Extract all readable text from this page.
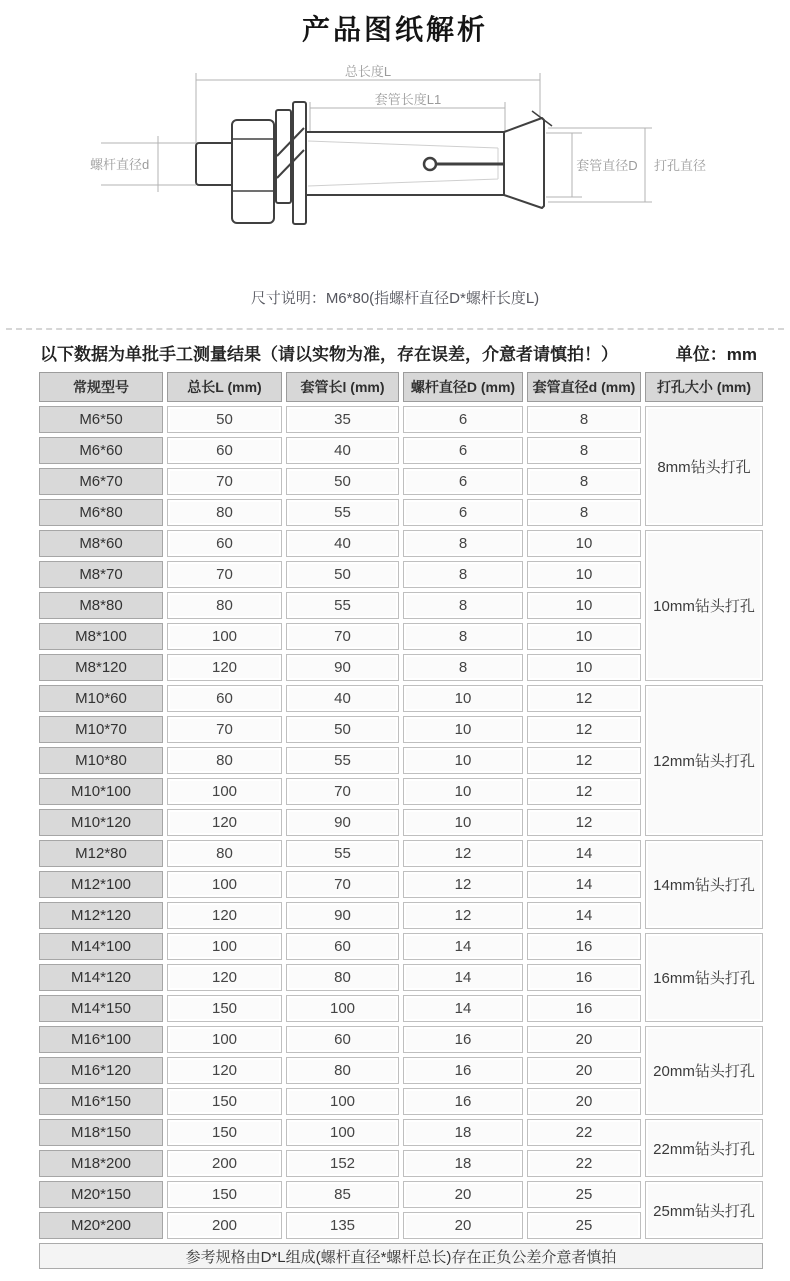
产品图纸解析
总长度L
套管长度L1
螺杆直径d	套管直径D 打孔直径
尺寸说明：M6*80(指螺杆直径D*螺杆长度L)
以下数据为单批手工测量结果（请以实物为准，存在误差，介意者请慎拍！）	单位：mm
常规型号	总长L (mm)	套管长l (mm)	螺杆直径D (mm)	套管直径d (mm)	打孔大小 (mm)
M6*50	50	35	6	8	8mm钻头打孔
M6*60	60	40	6	8	
M6*70	70	50	6	8	
M6*80	80	55	6	8	
M8*60	60	40	8	10	10mm钻头打孔
M8*70	70	50	8	10	
M8*80	80	55	8	10	
M8*100	100	70	8	10	
M8*120	120	90	8	10	
M10*60	60	40	10	12	12mm钻头打孔
M10*70	70	50	10	12	
M10*80	80	55	10	12	
M10*100	100	70	10	12	
M10*120	120	90	10	12	
M12*80	80	55	12	14	14mm钻头打孔
M12*100	100	70	12	14	
M12*120	120	90	12	14	
M14*100	100	60	14	16	16mm钻头打孔
M14*120	120	80	14	16	
M14*150	150	100	14	16	
M16*100	100	60	16	20	20mm钻头打孔
M16*120	120	80	16	20	
M16*150	150	100	16	20	
M18*150	150	100	18	22	22mm钻头打孔
M18*200	200	152	18	22	
M20*150	150	85	20	25	25mm钻头打孔
M20*200	200	135	20	25	
参考规格由D*L组成(螺杆直径*螺杆总长)存在正负公差介意者慎拍					
